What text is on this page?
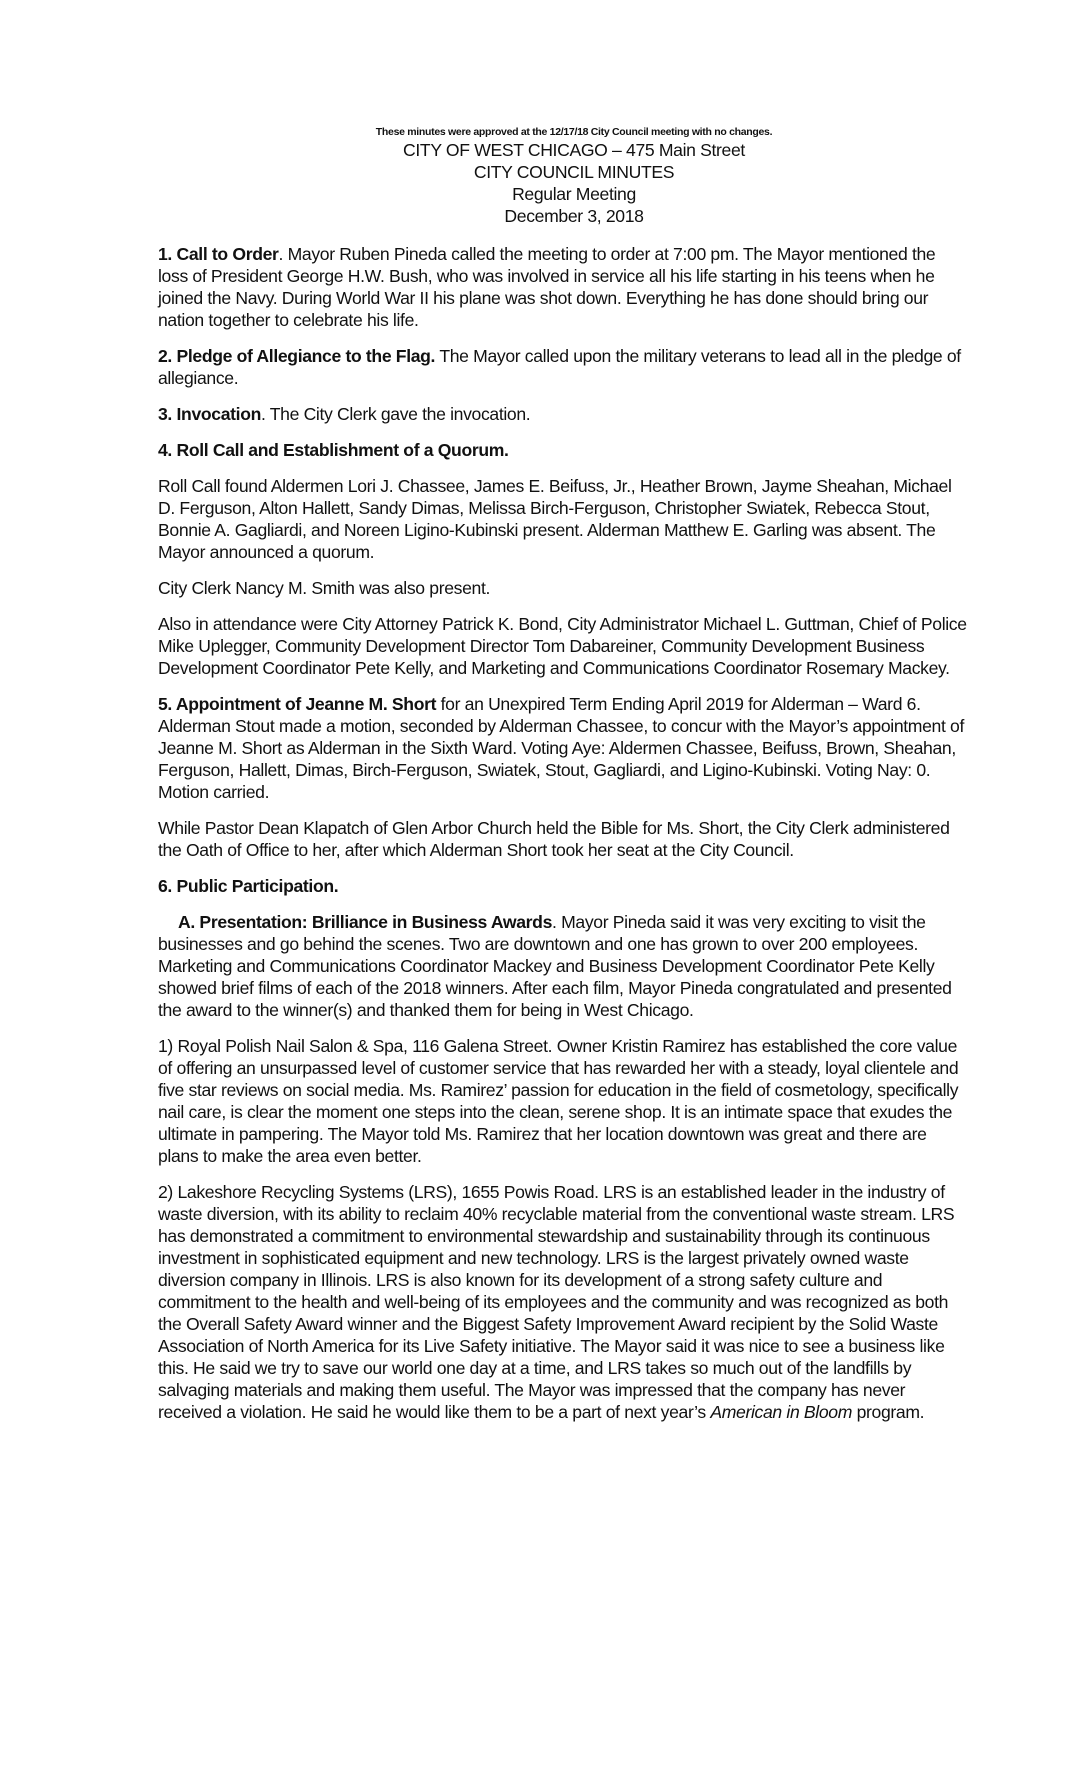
These minutes were approved at the 12/17/18 City Council meeting with no changes.
CITY OF WEST CHICAGO – 475 Main Street
CITY COUNCIL MINUTES
Regular Meeting
December 3, 2018

1. Call to Order. Mayor Ruben Pineda called the meeting to order at 7:00 pm. The Mayor mentioned the loss of President George H.W. Bush, who was involved in service all his life starting in his teens when he joined the Navy. During World War II his plane was shot down. Everything he has done should bring our nation together to celebrate his life.

2. Pledge of Allegiance to the Flag. The Mayor called upon the military veterans to lead all in the pledge of allegiance.

3. Invocation. The City Clerk gave the invocation.

4. Roll Call and Establishment of a Quorum.

Roll Call found Aldermen Lori J. Chassee, James E. Beifuss, Jr., Heather Brown, Jayme Sheahan, Michael D. Ferguson, Alton Hallett, Sandy Dimas, Melissa Birch-Ferguson, Christopher Swiatek, Rebecca Stout, Bonnie A. Gagliardi, and Noreen Ligino-Kubinski present. Alderman Matthew E. Garling was absent. The Mayor announced a quorum.

City Clerk Nancy M. Smith was also present.

Also in attendance were City Attorney Patrick K. Bond, City Administrator Michael L. Guttman, Chief of Police Mike Uplegger, Community Development Director Tom Dabareiner, Community Development Business Development Coordinator Pete Kelly, and Marketing and Communications Coordinator Rosemary Mackey.

5. Appointment of Jeanne M. Short for an Unexpired Term Ending April 2019 for Alderman – Ward 6. Alderman Stout made a motion, seconded by Alderman Chassee, to concur with the Mayor’s appointment of Jeanne M. Short as Alderman in the Sixth Ward. Voting Aye: Aldermen Chassee, Beifuss, Brown, Sheahan, Ferguson, Hallett, Dimas, Birch-Ferguson, Swiatek, Stout, Gagliardi, and Ligino-Kubinski. Voting Nay: 0. Motion carried.

While Pastor Dean Klapatch of Glen Arbor Church held the Bible for Ms. Short, the City Clerk administered the Oath of Office to her, after which Alderman Short took her seat at the City Council.

6. Public Participation.

A. Presentation: Brilliance in Business Awards. Mayor Pineda said it was very exciting to visit the businesses and go behind the scenes. Two are downtown and one has grown to over 200 employees. Marketing and Communications Coordinator Mackey and Business Development Coordinator Pete Kelly showed brief films of each of the 2018 winners. After each film, Mayor Pineda congratulated and presented the award to the winner(s) and thanked them for being in West Chicago.

1) Royal Polish Nail Salon & Spa, 116 Galena Street. Owner Kristin Ramirez has established the core value of offering an unsurpassed level of customer service that has rewarded her with a steady, loyal clientele and five star reviews on social media. Ms. Ramirez’ passion for education in the field of cosmetology, specifically nail care, is clear the moment one steps into the clean, serene shop. It is an intimate space that exudes the ultimate in pampering. The Mayor told Ms. Ramirez that her location downtown was great and there are plans to make the area even better.

2) Lakeshore Recycling Systems (LRS), 1655 Powis Road. LRS is an established leader in the industry of waste diversion, with its ability to reclaim 40% recyclable material from the conventional waste stream. LRS has demonstrated a commitment to environmental stewardship and sustainability through its continuous investment in sophisticated equipment and new technology. LRS is the largest privately owned waste diversion company in Illinois. LRS is also known for its development of a strong safety culture and commitment to the health and well-being of its employees and the community and was recognized as both the Overall Safety Award winner and the Biggest Safety Improvement Award recipient by the Solid Waste Association of North America for its Live Safety initiative. The Mayor said it was nice to see a business like this. He said we try to save our world one day at a time, and LRS takes so much out of the landfills by salvaging materials and making them useful. The Mayor was impressed that the company has never received a violation. He said he would like them to be a part of next year’s American in Bloom program.
